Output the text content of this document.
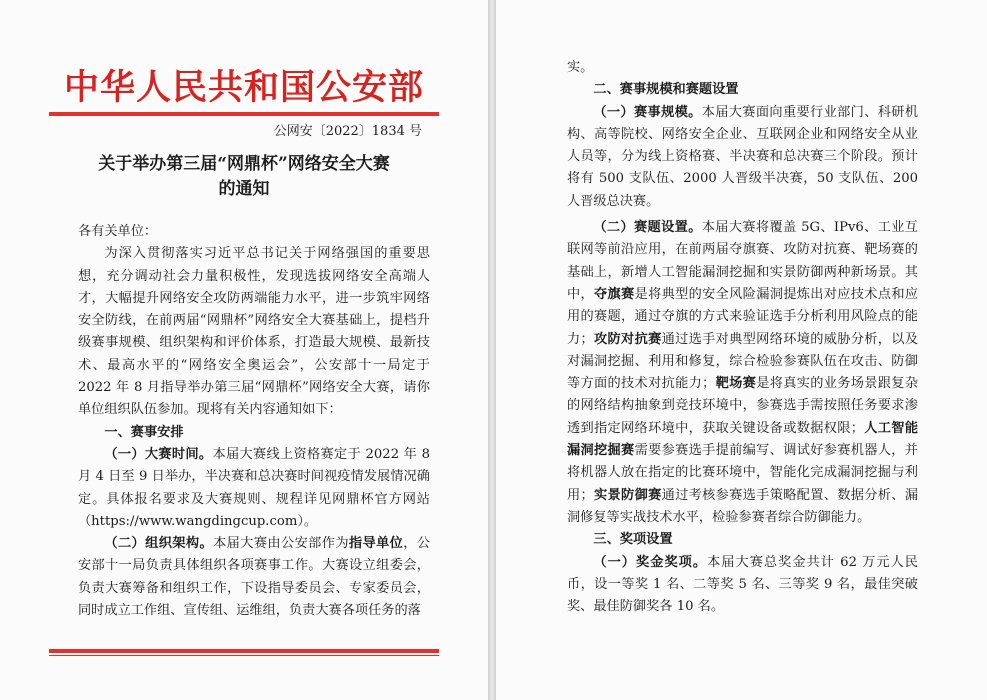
中华人民共和国公安部
公网安〔2022〕1834 号
关于举办第三届“网鼎杯”网络安全大赛
的通知

各有关单位：

为深入贯彻落实习近平总书记关于网络强国的重要思想，充分调动社会力量积极性，发现选拔网络安全高端人才，大幅提升网络安全攻防两端能力水平，进一步筑牢网络安全防线，在前两届“网鼎杯”网络安全大赛基础上，提档升级赛事规模、组织架构和评价体系，打造最大规模、最新技术、最高水平的“网络安全奥运会”，公安部十一局定于 2022 年 8 月指导举办第三届“网鼎杯”网络安全大赛，请你单位组织队伍参加。现将有关内容通知如下：

一、赛事安排

（一）大赛时间。本届大赛线上资格赛定于 2022 年 8 月 4 日至 9 日举办，半决赛和总决赛时间视疫情发展情况确定。具体报名要求及大赛规则、规程详见网鼎杯官方网站（https://www.wangdingcup.com）。

（二）组织架构。本届大赛由公安部作为指导单位，公安部十一局负责具体组织各项赛事工作。大赛设立组委会，负责大赛筹备和组织工作，下设指导委员会、专家委员会，同时成立工作组、宣传组、运维组，负责大赛各项任务的落

实。

二、赛事规模和赛题设置

（一）赛事规模。本届大赛面向重要行业部门、科研机构、高等院校、网络安全企业、互联网企业和网络安全从业人员等，分为线上资格赛、半决赛和总决赛三个阶段。预计将有 500 支队伍、2000 人晋级半决赛，50 支队伍、200 人晋级总决赛。

（二）赛题设置。本届大赛将覆盖 5G、IPv6、工业互联网等前沿应用，在前两届夺旗赛、攻防对抗赛、靶场赛的基础上，新增人工智能漏洞挖掘和实景防御两种新场景。其中，夺旗赛是将典型的安全风险漏洞提炼出对应技术点和应用的赛题，通过夺旗的方式来验证选手分析利用风险点的能力；攻防对抗赛通过选手对典型网络环境的威胁分析，以及对漏洞挖掘、利用和修复，综合检验参赛队伍在攻击、防御等方面的技术对抗能力；靶场赛是将真实的业务场景跟复杂的网络结构抽象到竞技环境中，参赛选手需按照任务要求渗透到指定网络环境中，获取关键设备或数据权限；人工智能漏洞挖掘赛需要参赛选手提前编写、调试好参赛机器人，并将机器人放在指定的比赛环境中，智能化完成漏洞挖掘与利用；实景防御赛通过考核参赛选手策略配置、数据分析、漏洞修复等实战技术水平，检验参赛者综合防御能力。

三、奖项设置

（一）奖金奖项。本届大赛总奖金共计 62 万元人民币，设一等奖 1 名、二等奖 5 名、三等奖 9 名，最佳突破奖、最佳防御奖各 10 名。
